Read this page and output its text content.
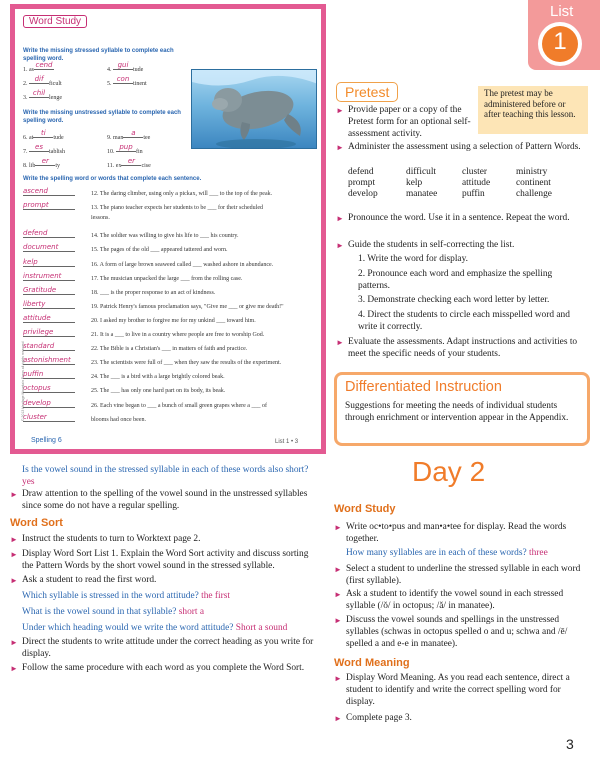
List
1
Word Study
Write the missing stressed syllable to complete each spelling word.
1. ascend
2. difficult
3. chillenge
4. guitude
5. continent
Write the missing unstressed syllable to complete each spelling word.
6. attitude
7. establish
8. liberty
9. manatee
10. pupfin
11. exercise
Write the spelling word or words that complete each sentence.
ascend	12. The daring climber, using only a pickax, will ___ to the top of the peak.
prompt	13. The piano teacher expects her students to be ___ for their scheduled
lessons.
defend	14. The soldier was willing to give his life to ___ his country.
document	15. The pages of the old ___ appeared tattered and worn.
kelp	16. A form of large brown seaweed called ___ washed ashore in abundance.
instrument	17. The musician unpacked the large ___ from the rolling case.
Gratitude	18. ___ is the proper response to an act of kindness.
liberty	19. Patrick Henry's famous proclamation says, "Give me ___ or give me death!"
attitude	20. I asked my brother to forgive me for my unkind ___ toward him.
privilege	21. It is a ___ to live in a country where people are free to worship God.
standard	22. The Bible is a Christian's ___ in matters of faith and practice.
astonishment	23. The scientists were full of ___ when they saw the results of the experiment.
puffin	24. The ___ is a bird with a large brightly colored beak.
octopus	25. The ___ has only one hard part on its body, its beak.
develop	26. Each vine began to ___ a bunch of small green grapes where a ___ of
cluster	blooms had once been.
© 2013 Heritage Mountain Press all rights reserved
Spelling 6	List 1 • 3
Pretest	The pretest may be administered before or after teaching this lesson.
► Provide paper or a copy of the Pretest form for an optional self-assessment activity.
► Administer the assessment using a selection of Pattern Words.
defend	difficult	cluster	ministry
prompt	kelp	attitude	continent
develop	manatee	puffin	challenge
► Pronounce the word. Use it in a sentence. Repeat the word.
► Guide the students in self-correcting the list.
1. Write the word for display.
2. Pronounce each word and emphasize the spelling patterns.
3. Demonstrate checking each word letter by letter.
4. Direct the students to circle each misspelled word and write it correctly.
► Evaluate the assessments. Adapt instructions and activities to meet the specific needs of your students.
Differentiated Instruction
Suggestions for meeting the needs of individual students through enrichment or intervention appear in the Appendix.
Is the vowel sound in the stressed syllable in each of these words also short? yes
► Draw attention to the spelling of the vowel sound in the unstressed syllables since some do not have a regular spelling.
Word Sort
► Instruct the students to turn to Worktext page 2.
► Display Word Sort List 1. Explain the Word Sort activity and discuss sorting the Pattern Words by the short vowel sound in the stressed syllable.
► Ask a student to read the first word.
Which syllable is stressed in the word attitude? the first
What is the vowel sound in that syllable? short a
Under which heading would we write the word attitude? Short a sound
► Direct the students to write attitude under the correct heading as you write for display.
► Follow the same procedure with each word as you complete the Word Sort.
Day 2
Word Study
► Write oc•to•pus and man•a•tee for display. Read the words together.
How many syllables are in each of these words? three
► Select a student to underline the stressed syllable in each word (first syllable).
► Ask a student to identify the vowel sound in each stressed syllable (/ŏ/ in octopus; /ă/ in manatee).
► Discuss the vowel sounds and spellings in the unstressed syllables (schwas in octopus spelled o and u; schwa and /ē/ spelled a and e-e in manatee).
Word Meaning
► Display Word Meaning. As you read each sentence, direct a student to identify and write the correct spelling word for display.
► Complete page 3.
3
